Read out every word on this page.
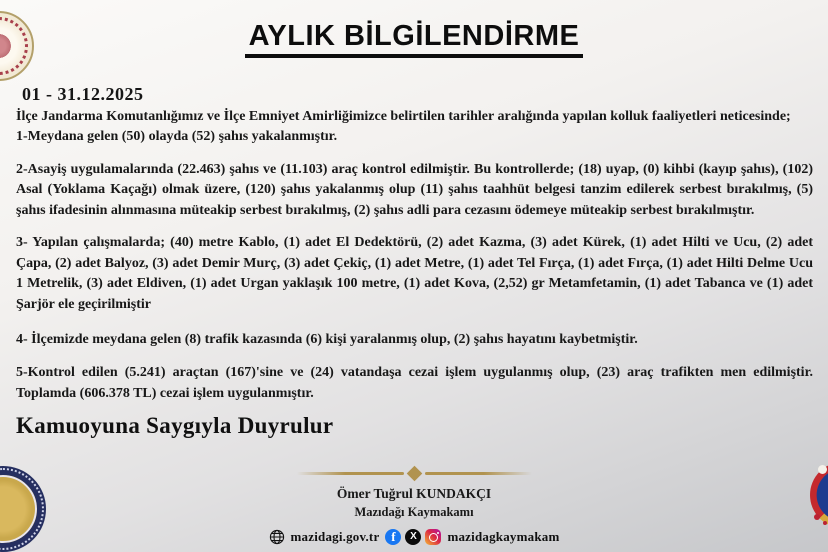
AYLIK BİLGİLENDİRME
01 - 31.12.2025

İlçe Jandarma Komutanlığımız ve İlçe Emniyet Amirliğimizce belirtilen tarihler aralığında yapılan kolluk faaliyetleri neticesinde;

1-Meydana gelen (50) olayda (52) şahıs yakalanmıştır.

2-Asayiş uygulamalarında (22.463) şahıs ve (11.103) araç kontrol edilmiştir. Bu kontrollerde; (18) uyap, (0) kihbi (kayıp şahıs), (102) Asal (Yoklama Kaçağı) olmak üzere, (120) şahıs yakalanmış olup (11) şahıs taahhüt belgesi tanzim edilerek serbest bırakılmış, (5) şahıs ifadesinin alınmasına müteakip serbest bırakılmış, (2) şahıs adli para cezasını ödemeye müteakip serbest bırakılmıştır.

3- Yapılan çalışmalarda; (40) metre Kablo, (1) adet El Dedektörü, (2) adet Kazma, (3) adet Kürek, (1) adet Hilti ve Ucu, (2) adet Çapa, (2) adet Balyoz, (3) adet Demir Murç, (3) adet Çekiç, (1) adet Metre, (1) adet Tel Fırça, (1) adet Fırça, (1) adet Hilti Delme Ucu 1 Metrelik, (3) adet Eldiven, (1) adet Urgan yaklaşık 100 metre, (1) adet Kova, (2,52) gr Metamfetamin, (1) adet Tabanca ve (1) adet Şarjör ele geçirilmiştir

4- İlçemizde meydana gelen (8) trafik kazasında (6) kişi yaralanmış olup, (2) şahıs hayatını kaybetmiştir.

5-Kontrol edilen (5.241) araçtan (167)'sine ve (24) vatandaşa cezai işlem uygulanmış olup, (23) araç trafikten men edilmiştir. Toplamda (606.378 TL) cezai işlem uygulanmıştır.

Kamuoyuna Saygıyla Duyrulur
Ömer Tuğrul KUNDAKÇI
Mazıdağı Kaymakamı
mazidagi.gov.tr f	X	mazidagkaymakam
